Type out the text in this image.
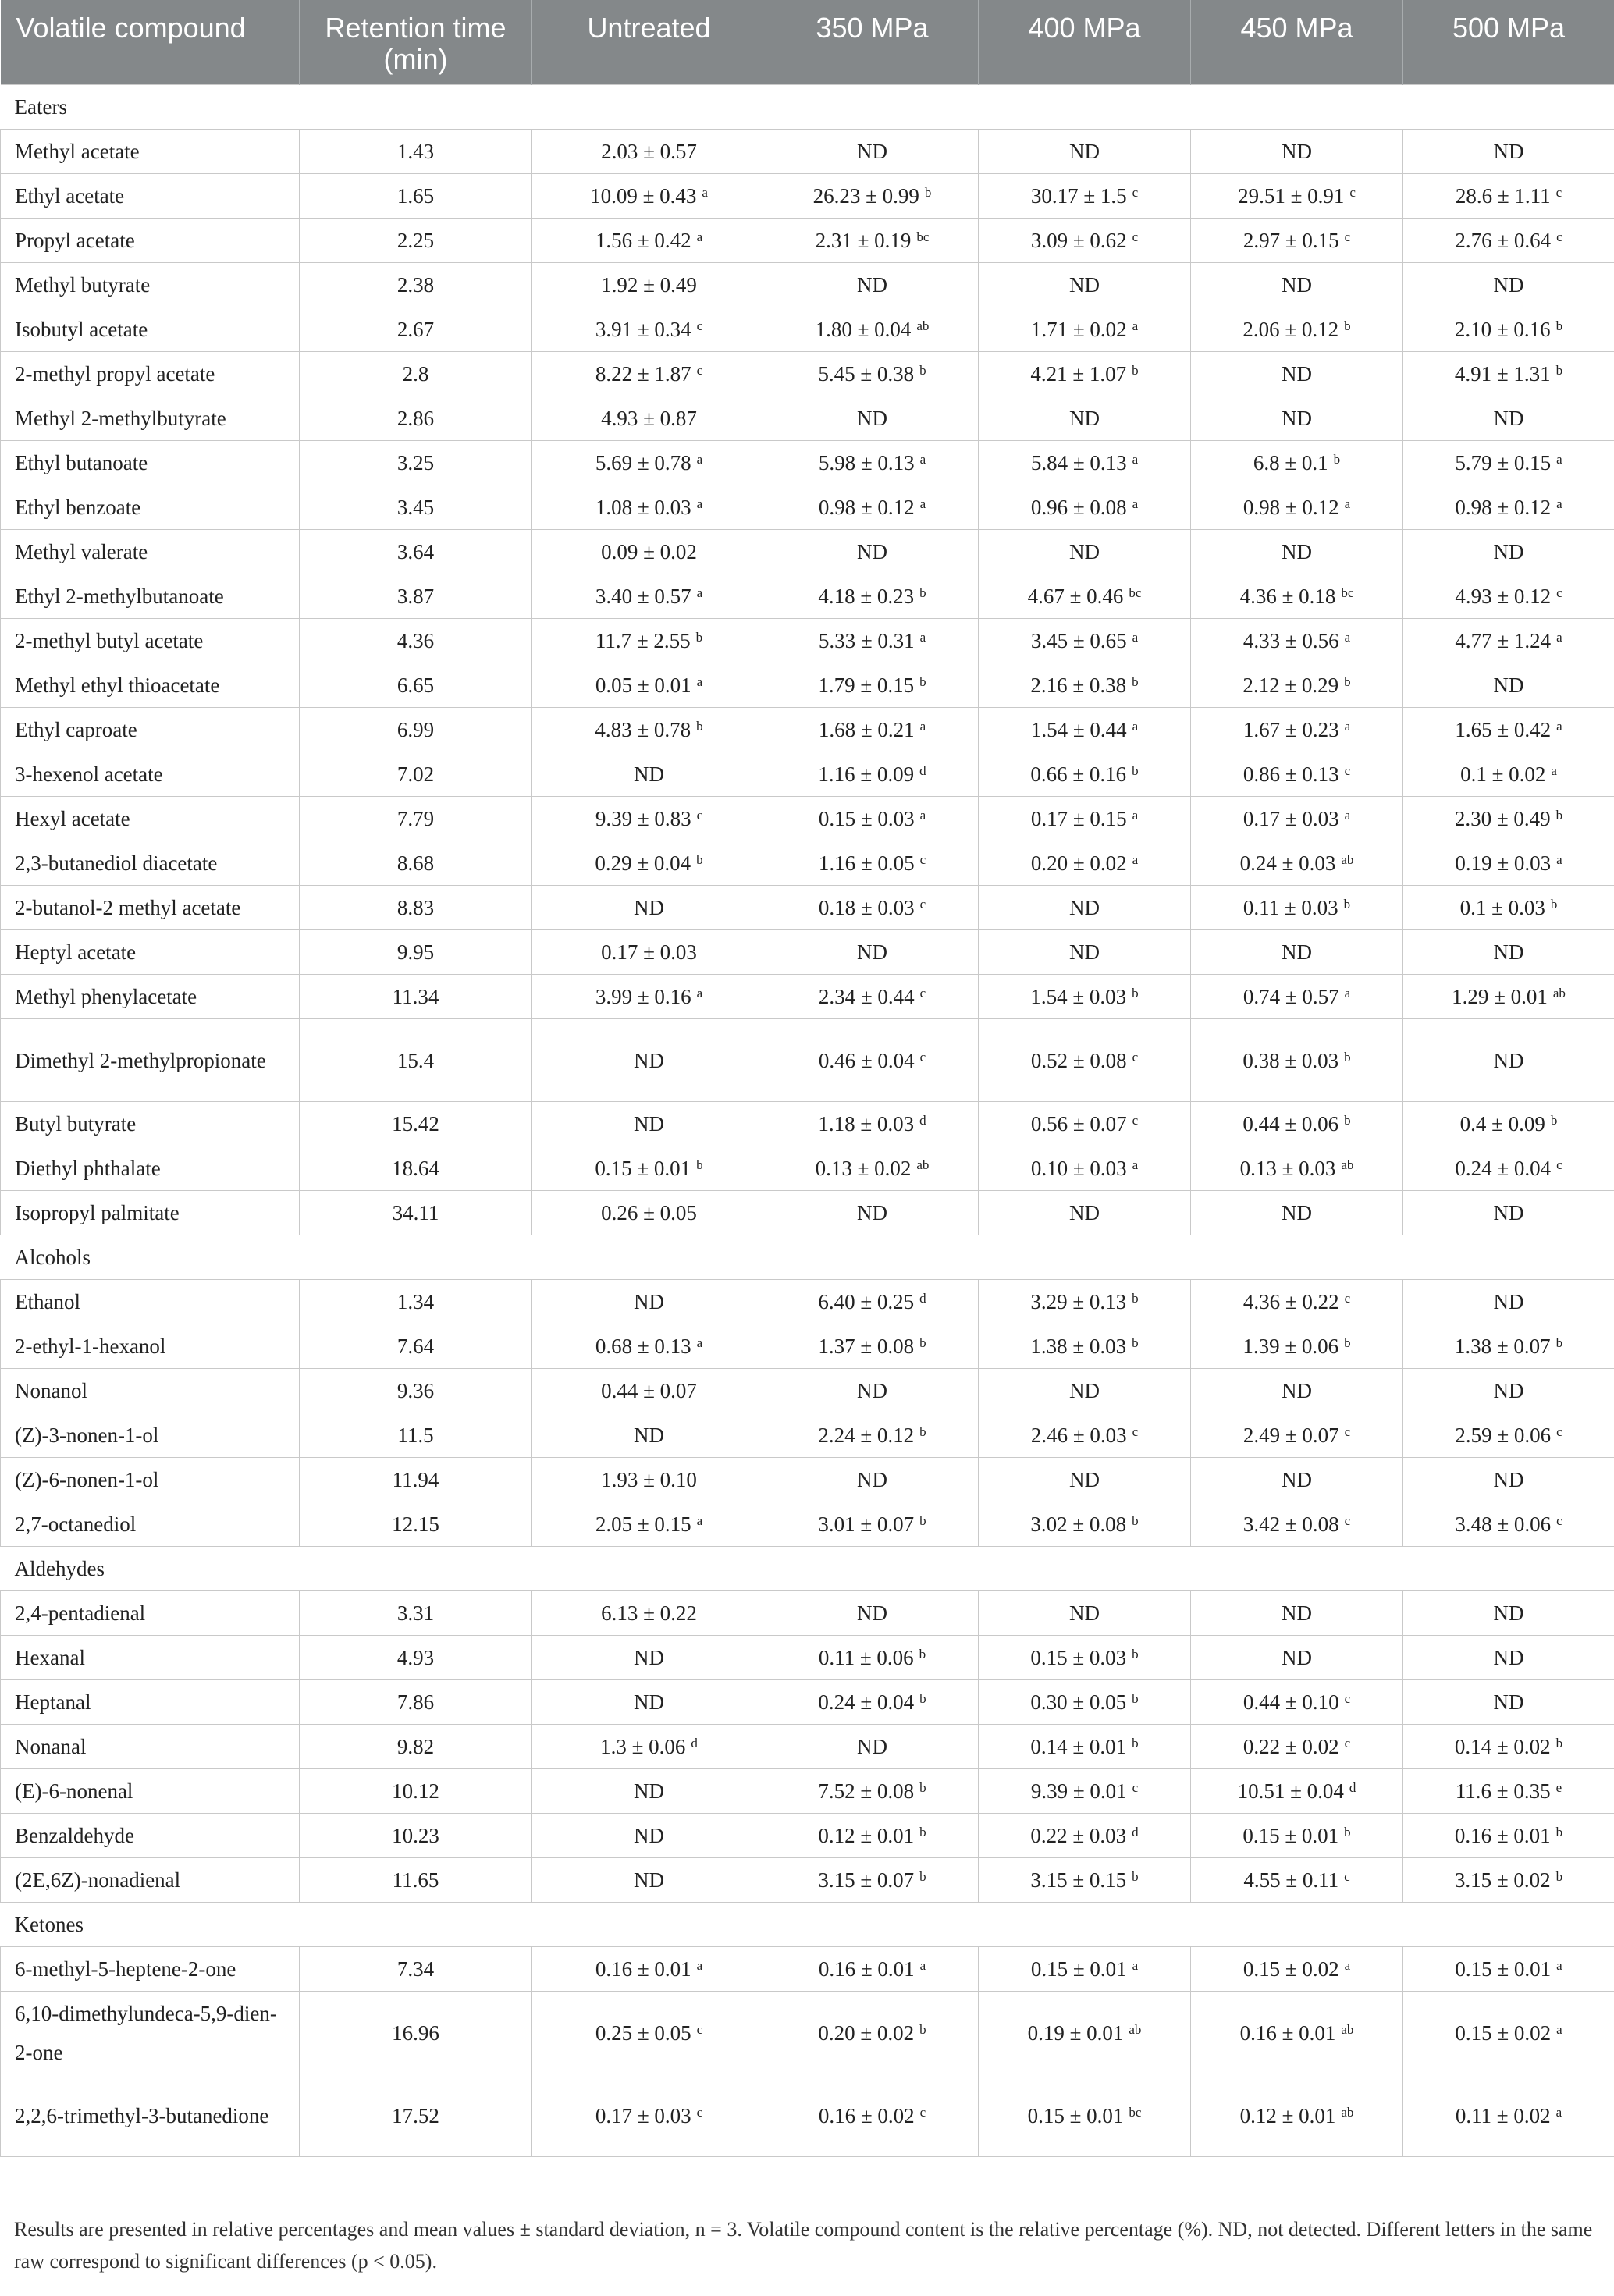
Volatile compound	Retention time (min)	Untreated	350 MPa	400 MPa	450 MPa	500 MPa
Eaters						
Methyl acetate	1.43	2.03 ± 0.57	ND	ND	ND	ND
Ethyl acetate	1.65	10.09 ± 0.43 $^a$	26.23 ± 0.99 $^b$	30.17 ± 1.5 $^c$	29.51 ± 0.91 $^c$	28.6 ± 1.11 $^c$
Propyl acetate	2.25	1.56 ± 0.42 $^a$	2.31 ± 0.19 $^{bc}$	3.09 ± 0.62 $^c$	2.97 ± 0.15 $^c$	2.76 ± 0.64 $^c$
Methyl butyrate	2.38	1.92 ± 0.49	ND	ND	ND	ND
Isobutyl acetate	2.67	3.91 ± 0.34 $^c$	1.80 ± 0.04 $^{ab}$	1.71 ± 0.02 $^a$	2.06 ± 0.12 $^b$	2.10 ± 0.16 $^b$
2-methyl propyl acetate	2.8	8.22 ± 1.87 $^c$	5.45 ± 0.38 $^b$	4.21 ± 1.07 $^b$	ND	4.91 ± 1.31 $^b$
Methyl 2-methylbutyrate	2.86	4.93 ± 0.87	ND	ND	ND	ND
Ethyl butanoate	3.25	5.69 ± 0.78 $^a$	5.98 ± 0.13 $^a$	5.84 ± 0.13 $^a$	6.8 ± 0.1 $^b$	5.79 ± 0.15 $^a$
Ethyl benzoate	3.45	1.08 ± 0.03 $^a$	0.98 ± 0.12 $^a$	0.96 ± 0.08 $^a$	0.98 ± 0.12 $^a$	0.98 ± 0.12 $^a$
Methyl valerate	3.64	0.09 ± 0.02	ND	ND	ND	ND
Ethyl 2-methylbutanoate	3.87	3.40 ± 0.57 $^a$	4.18 ± 0.23 $^b$	4.67 ± 0.46 $^{bc}$	4.36 ± 0.18 $^{bc}$	4.93 ± 0.12 $^c$
2-methyl butyl acetate	4.36	11.7 ± 2.55 $^b$	5.33 ± 0.31 $^a$	3.45 ± 0.65 $^a$	4.33 ± 0.56 $^a$	4.77 ± 1.24 $^a$
Methyl ethyl thioacetate	6.65	0.05 ± 0.01 $^a$	1.79 ± 0.15 $^b$	2.16 ± 0.38 $^b$	2.12 ± 0.29 $^b$	ND
Ethyl caproate	6.99	4.83 ± 0.78 $^b$	1.68 ± 0.21 $^a$	1.54 ± 0.44 $^a$	1.67 ± 0.23 $^a$	1.65 ± 0.42 $^a$
3-hexenol acetate	7.02	ND	1.16 ± 0.09 $^d$	0.66 ± 0.16 $^b$	0.86 ± 0.13 $^c$	0.1 ± 0.02 $^a$
Hexyl acetate	7.79	9.39 ± 0.83 $^c$	0.15 ± 0.03 $^a$	0.17 ± 0.15 $^a$	0.17 ± 0.03 $^a$	2.30 ± 0.49 $^b$
2,3-butanediol diacetate	8.68	0.29 ± 0.04 $^b$	1.16 ± 0.05 $^c$	0.20 ± 0.02 $^a$	0.24 ± 0.03 $^{ab}$	0.19 ± 0.03 $^a$
2-butanol-2 methyl acetate	8.83	ND	0.18 ± 0.03 $^c$	ND	0.11 ± 0.03 $^b$	0.1 ± 0.03 $^b$
Heptyl acetate	9.95	0.17 ± 0.03	ND	ND	ND	ND
Methyl phenylacetate	11.34	3.99 ± 0.16 $^a$	2.34 ± 0.44 $^c$	1.54 ± 0.03 $^b$	0.74 ± 0.57 $^a$	1.29 ± 0.01 $^{ab}$
Dimethyl 2-methylpropionate	15.4	ND	0.46 ± 0.04 $^c$	0.52 ± 0.08 $^c$	0.38 ± 0.03 $^b$	ND
Butyl butyrate	15.42	ND	1.18 ± 0.03 $^d$	0.56 ± 0.07 $^c$	0.44 ± 0.06 $^b$	0.4 ± 0.09 $^b$
Diethyl phthalate	18.64	0.15 ± 0.01 $^b$	0.13 ± 0.02 $^{ab}$	0.10 ± 0.03 $^a$	0.13 ± 0.03 $^{ab}$	0.24 ± 0.04 $^c$
Isopropyl palmitate	34.11	0.26 ± 0.05	ND	ND	ND	ND
Alcohols						
Ethanol	1.34	ND	6.40 ± 0.25 $^d$	3.29 ± 0.13 $^b$	4.36 ± 0.22 $^c$	ND
2-ethyl-1-hexanol	7.64	0.68 ± 0.13 $^a$	1.37 ± 0.08 $^b$	1.38 ± 0.03 $^b$	1.39 ± 0.06 $^b$	1.38 ± 0.07 $^b$
Nonanol	9.36	0.44 ± 0.07	ND	ND	ND	ND
(Z)-3-nonen-1-ol	11.5	ND	2.24 ± 0.12 $^b$	2.46 ± 0.03 $^c$	2.49 ± 0.07 $^c$	2.59 ± 0.06 $^c$
(Z)-6-nonen-1-ol	11.94	1.93 ± 0.10	ND	ND	ND	ND
2,7-octanediol	12.15	2.05 ± 0.15 $^a$	3.01 ± 0.07 $^b$	3.02 ± 0.08 $^b$	3.42 ± 0.08 $^c$	3.48 ± 0.06 $^c$
Aldehydes						
2,4-pentadienal	3.31	6.13 ± 0.22	ND	ND	ND	ND
Hexanal	4.93	ND	0.11 ± 0.06 $^b$	0.15 ± 0.03 $^b$	ND	ND
Heptanal	7.86	ND	0.24 ± 0.04 $^b$	0.30 ± 0.05 $^b$	0.44 ± 0.10 $^c$	ND
Nonanal	9.82	1.3 ± 0.06 $^d$	ND	0.14 ± 0.01 $^b$	0.22 ± 0.02 $^c$	0.14 ± 0.02 $^b$
(E)-6-nonenal	10.12	ND	7.52 ± 0.08 $^b$	9.39 ± 0.01 $^c$	10.51 ± 0.04 $^d$	11.6 ± 0.35 $^e$
Benzaldehyde	10.23	ND	0.12 ± 0.01 $^b$	0.22 ± 0.03 $^d$	0.15 ± 0.01 $^b$	0.16 ± 0.01 $^b$
(2E,6Z)-nonadienal	11.65	ND	3.15 ± 0.07 $^b$	3.15 ± 0.15 $^b$	4.55 ± 0.11 $^c$	3.15 ± 0.02 $^b$
Ketones						
6-methyl-5-heptene-2-one	7.34	0.16 ± 0.01 $^a$	0.16 ± 0.01 $^a$	0.15 ± 0.01 $^a$	0.15 ± 0.02 $^a$	0.15 ± 0.01 $^a$
6,10-dimethylundeca-5,9-dien-2-one	16.96	0.25 ± 0.05 $^c$	0.20 ± 0.02 $^b$	0.19 ± 0.01 $^{ab}$	0.16 ± 0.01 $^{ab}$	0.15 ± 0.02 $^a$
2,2,6-trimethyl-3-butanedione	17.52	0.17 ± 0.03 $^c$	0.16 ± 0.02 $^c$	0.15 ± 0.01 $^{bc}$	0.12 ± 0.01 $^{ab}$	0.11 ± 0.02 $^a$
Results are presented in relative percentages and mean values ± standard deviation, n = 3. Volatile compound content is the relative percentage (%). ND, not detected. Different letters in the same raw correspond to significant differences (p < 0.05).
